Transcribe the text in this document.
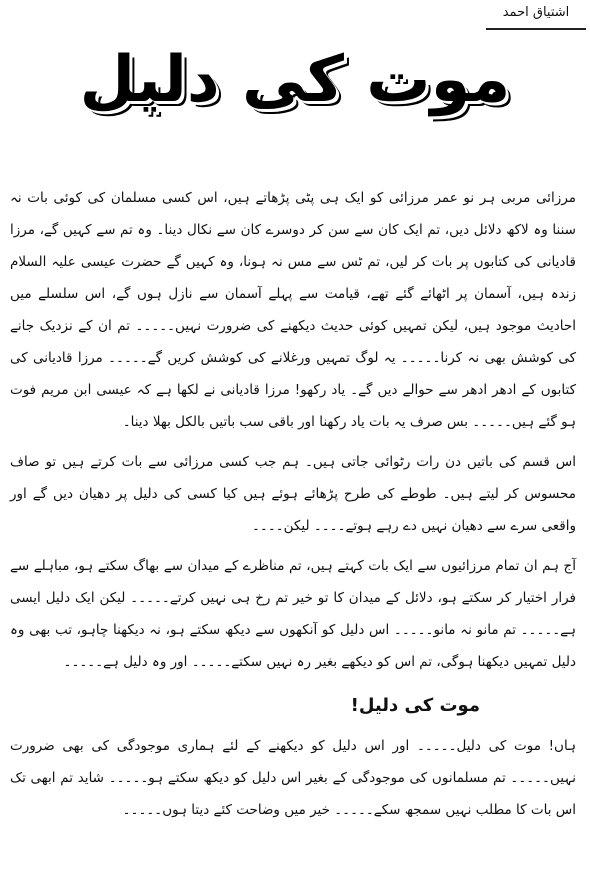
اشتیاق احمد
موت کی دلیل

مرزائی مربی ہر نو عمر مرزائی کو ایک ہی پٹی پڑھاتے ہیں، اس کسی مسلمان کی کوئی بات نہ سننا وہ لاکھ دلائل دیں، تم ایک کان سے سن کر دوسرے کان سے نکال دینا۔ وہ تم سے کہیں گے، مرزا قادیانی کی کتابوں پر بات کر لیں، تم ٹس سے مس نہ ہونا، وہ کہیں گے حضرت عیسی علیہ السلام زندہ ہیں، آسمان پر اٹھائے گئے تھے، قیامت سے پہلے آسمان سے نازل ہوں گے، اس سلسلے میں احادیث موجود ہیں، لیکن تمہیں کوئی حدیث دیکھنے کی ضرورت نہیں۔۔۔۔۔ تم ان کے نزدیک جانے کی کوشش بھی نہ کرنا۔۔۔۔۔ یہ لوگ تمہیں ورغلانے کی کوشش کریں گے۔۔۔۔۔ مرزا قادیانی کی کتابوں کے ادھر ادھر سے حوالے دیں گے۔ یاد رکھو! مرزا قادیانی نے لکھا ہے کہ عیسی ابن مریم فوت ہو گئے ہیں۔۔۔۔۔ بس صرف یہ بات یاد رکھنا اور باقی سب باتیں بالکل بھلا دینا۔

اس قسم کی باتیں دن رات رٹوائی جاتی ہیں۔ ہم جب کسی مرزائی سے بات کرتے ہیں تو صاف محسوس کر لیتے ہیں۔ طوطے کی طرح پڑھائے ہوئے ہیں کیا کسی کی دلیل پر دھیان دیں گے اور واقعی سرے سے دھیان نہیں دے رہے ہوتے۔۔۔۔ لیکن۔۔۔۔

آج ہم ان تمام مرزائیوں سے ایک بات کہتے ہیں، تم مناظرے کے میدان سے بھاگ سکتے ہو، مباہلے سے فرار اختیار کر سکتے ہو، دلائل کے میدان کا تو خیر تم رخ ہی نہیں کرتے۔۔۔۔۔ لیکن ایک دلیل ایسی ہے۔۔۔۔۔ تم مانو نہ مانو۔۔۔۔۔ اس دلیل کو آنکھوں سے دیکھ سکتے ہو، نہ دیکھنا چاہو، تب بھی وہ دلیل تمہیں دیکھنا ہوگی، تم اس کو دیکھے بغیر رہ نہیں سکتے۔۔۔۔۔ اور وہ دلیل ہے۔۔۔۔۔

موت کی دلیل!

ہاں! موت کی دلیل۔۔۔۔۔ اور اس دلیل کو دیکھنے کے لئے ہماری موجودگی کی بھی ضرورت نہیں۔۔۔۔۔ تم مسلمانوں کی موجودگی کے بغیر اس دلیل کو دیکھ سکتے ہو۔۔۔۔۔ شاید تم ابھی تک اس بات کا مطلب نہیں سمجھ سکے۔۔۔۔۔ خیر میں وضاحت کئے دیتا ہوں۔۔۔۔۔
